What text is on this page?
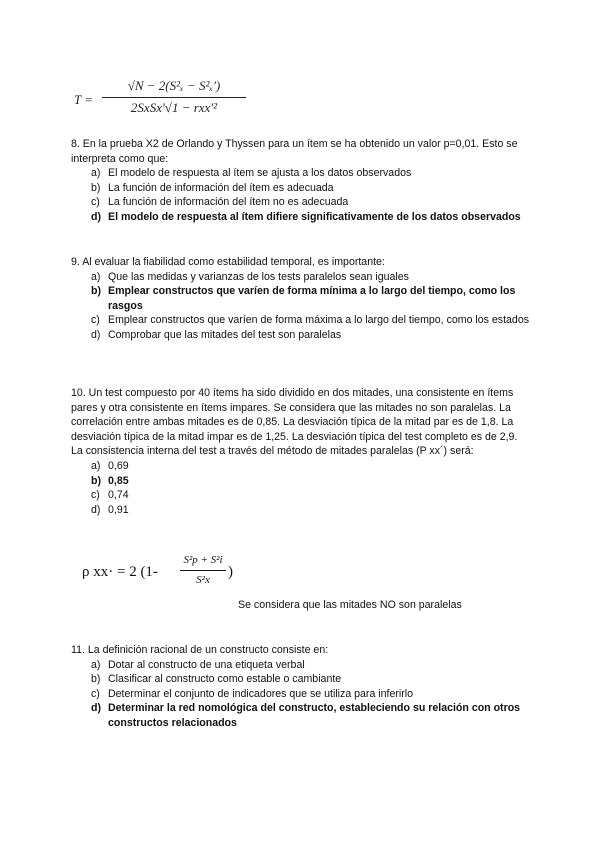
T =
√N − 2(S²ₓ − S²ₓ′)
2SxSx′√1 − rxx′²

8. En la prueba X2 de Orlando y Thyssen para un ítem se ha obtenido un valor p=0,01. Esto se interpreta como que:

a) El modelo de respuesta al ítem se ajusta a los datos observados
b) La función de información del ítem es adecuada
c) La función de información del ítem no es adecuada
d) El modelo de respuesta al ítem difiere significativamente de los datos observados

9. Al evaluar la fiabilidad como estabilidad temporal, es importante:

a) Que las medidas y varianzas de los tests paralelos sean iguales
b) Emplear constructos que varíen de forma mínima a lo largo del tiempo, como los rasgos
c) Emplear constructos que varíen de forma máxima a lo largo del tiempo, como los estados
d) Comprobar que las mitades del test son paralelas

10. Un test compuesto por 40 ítems ha sido dividido en dos mitades, una consistente en ítems pares y otra consistente en ítems impares. Se considera que las mitades no son paralelas. La correlación entre ambas mitades es de 0,85. La desviación típica de la mitad par es de 1,8. La desviación típica de la mitad impar es de 1,25. La desviación típica del test completo es de 2,9. La consistencia interna del test a través del método de mitades paralelas (P xx´) será:

a) 0,69
b) 0,85
c) 0,74
d) 0,91
ρ xx· = 2 (1-
S²p + S²i
S²x	)
Se considera que las mitades NO son paralelas

11. La definición racional de un constructo consiste en:

a) Dotar al constructo de una etiqueta verbal
b) Clasificar al constructo como estable o cambiante
c) Determinar el conjunto de indicadores que se utiliza para inferirlo
d) Determinar la red nomológica del constructo, estableciendo su relación con otros constructos relacionados
